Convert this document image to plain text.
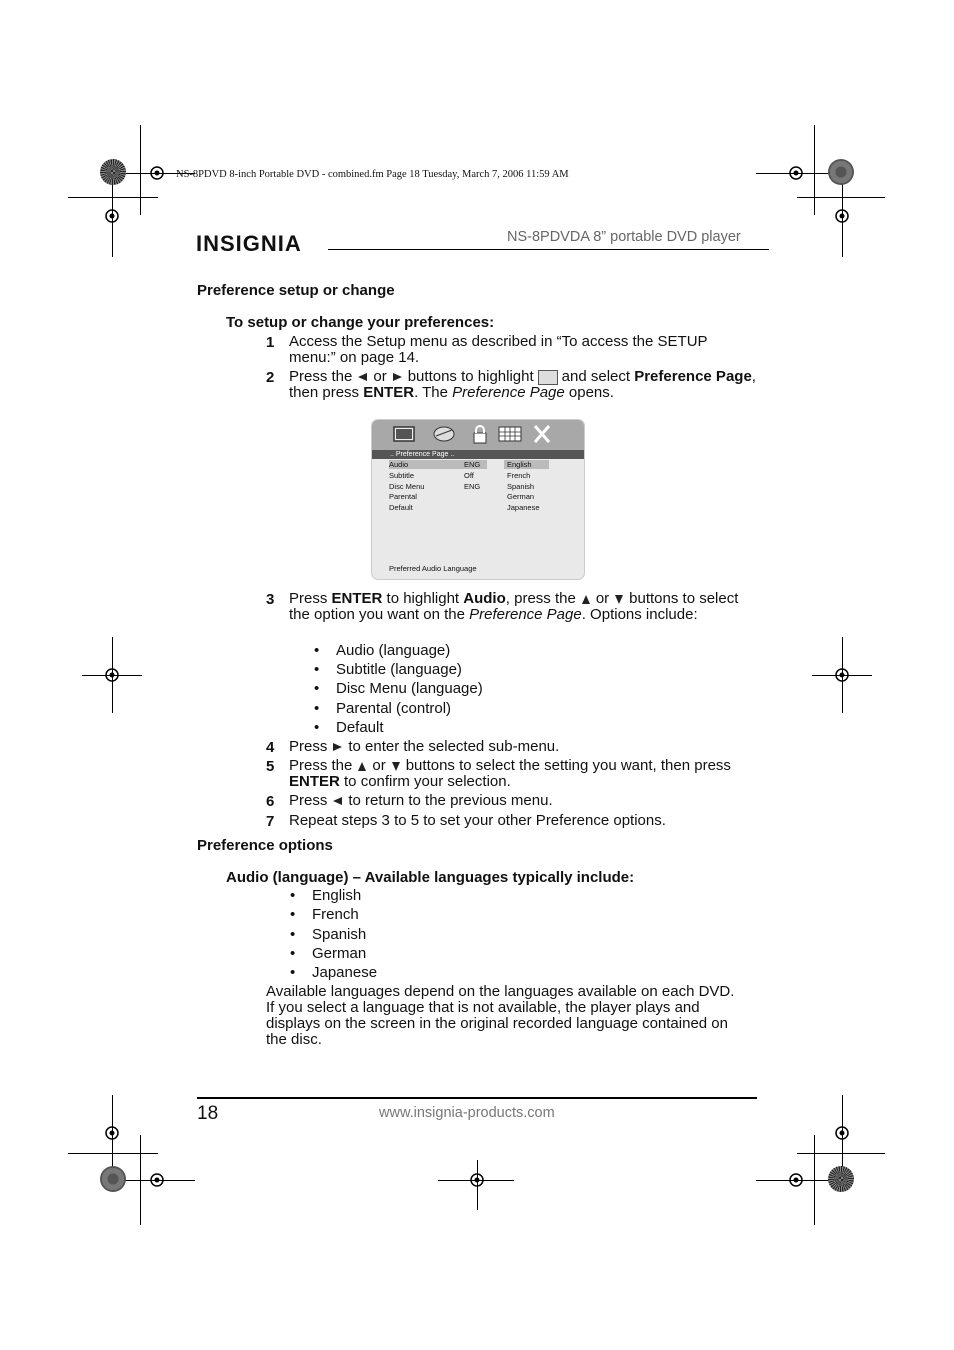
NS-8PDVD 8-inch Portable DVD - combined.fm Page 18 Tuesday, March 7, 2006 11:59 AM
INSIGNIA	NS-8PDVDA 8” portable DVD player
Preference setup or change
To setup or change your preferences:
1 Access the Setup menu as described in “To access the SETUP menu:” on page 14.
2 Press the or buttons to highlight and select Preference Page, then press ENTER. The Preference Page opens.
.. Preference Page ..
Audio
Subtitle
Disc Menu
Parental
Default
ENG
Off
ENG
English
French
Spanish
German
Japanese
Preferred Audio Language
3 Press ENTER to highlight Audio, press the or buttons to select the option you want on the Preference Page. Options include:
• Audio (language)
• Subtitle (language)
• Disc Menu (language)
• Parental (control)
• Default
4 Press to enter the selected sub-menu.
5 Press the or buttons to select the setting you want, then press ENTER to confirm your selection.
6 Press to return to the previous menu.
7 Repeat steps 3 to 5 to set your other Preference options.
Preference options
Audio (language) – Available languages typically include:
• English
• French
• Spanish
• German
• Japanese
Available languages depend on the languages available on each DVD. If you select a language that is not available, the player plays and displays on the screen in the original recorded language contained on the disc.
18	www.insignia-products.com
